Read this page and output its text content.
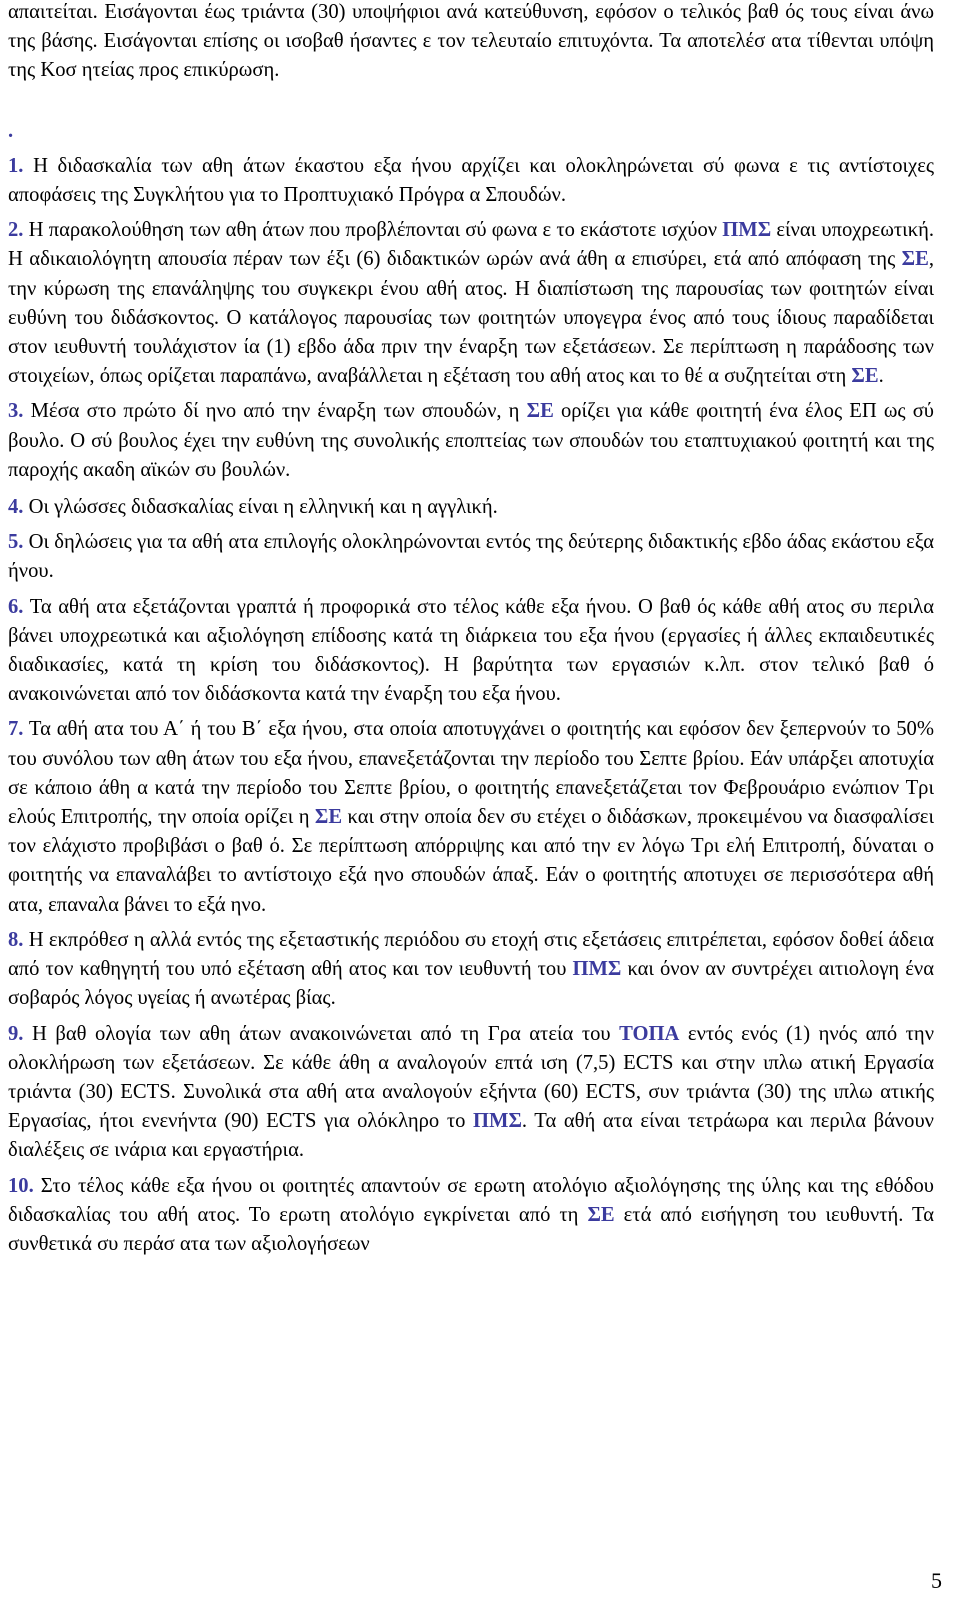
απαιτείται. Εισάγονται έως τριάντα (30) υποψήφιοι ανά κατεύθυνση, εφόσον ο τελικός βαθ ός τους είναι άνω της βάσης. Εισάγονται επίσης οι ισοβαθ ήσαντες ε τον τελευταίο επιτυχόντα. Τα αποτελέσ ατα τίθενται υπόψη της Κοσ ητείας προς επικύρωση.

.

1. Η διδασκαλία των αθη άτων έκαστου εξα ήνου αρχίζει και ολοκληρώνεται σύ φωνα ε τις αντίστοιχες αποφάσεις της Συγκλήτου για το Προπτυχιακό Πρόγρα α Σπουδών.

2. Η παρακολούθηση των αθη άτων που προβλέπονται σύ φωνα ε το εκάστοτε ισχύον ΠΜΣ είναι υποχρεωτική. Η αδικαιολόγητη απουσία πέραν των έξι (6) διδακτικών ωρών ανά άθη α επισύρει, ετά από απόφαση της ΣΕ, την κύρωση της επανάληψης του συγκεκρι ένου αθή ατος. Η διαπίστωση της παρουσίας των φοιτητών είναι ευθύνη του διδάσκοντος. Ο κατάλογος παρουσίας των φοιτητών υπογεγρα ένος από τους ίδιους παραδίδεται στον ιευθυντή τουλάχιστον ία (1) εβδο άδα πριν την έναρξη των εξετάσεων. Σε περίπτωση η παράδοσης των στοιχείων, όπως ορίζεται παραπάνω, αναβάλλεται η εξέταση του αθή ατος και το θέ α συζητείται στη ΣΕ.

3. Μέσα στο πρώτο δί ηνο από την έναρξη των σπουδών, η ΣΕ ορίζει για κάθε φοιτητή ένα έλος ΕΠ ως σύ βουλο. Ο σύ βουλος έχει την ευθύνη της συνολικής εποπτείας των σπουδών του εταπτυχιακού φοιτητή και της παροχής ακαδη αϊκών συ βουλών.

4. Οι γλώσσες διδασκαλίας είναι η ελληνική και η αγγλική.

5. Οι δηλώσεις για τα αθή ατα επιλογής ολοκληρώνονται εντός της δεύτερης διδακτικής εβδο άδας εκάστου εξα ήνου.

6. Τα αθή ατα εξετάζονται γραπτά ή προφορικά στο τέλος κάθε εξα ήνου. Ο βαθ ός κάθε αθή ατος συ περιλα βάνει υποχρεωτικά και αξιολόγηση επίδοσης κατά τη διάρκεια του εξα ήνου (εργασίες ή άλλες εκπαιδευτικές διαδικασίες, κατά τη κρίση του διδάσκοντος). Η βαρύτητα των εργασιών κ.λπ. στον τελικό βαθ ό ανακοινώνεται από τον διδάσκοντα κατά την έναρξη του εξα ήνου.

7. Τα αθή ατα του Α΄ ή του Β΄ εξα ήνου, στα οποία αποτυγχάνει ο φοιτητής και εφόσον δεν ξεπερνούν το 50% του συνόλου των αθη άτων του εξα ήνου, επανεξετάζονται την περίοδο του Σεπτε βρίου. Εάν υπάρξει αποτυχία σε κάποιο άθη α κατά την περίοδο του Σεπτε βρίου, ο φοιτητής επανεξετάζεται τον Φεβρουάριο ενώπιον Τρι ελούς Επιτροπής, την οποία ορίζει η ΣΕ και στην οποία δεν συ ετέχει ο διδάσκων, προκειμένου να διασφαλίσει τον ελάχιστο προβιβάσι ο βαθ ό. Σε περίπτωση απόρριψης και από την εν λόγω Τρι ελή Επιτροπή, δύναται ο φοιτητής να επαναλάβει το αντίστοιχο εξά ηνο σπουδών άπαξ. Εάν ο φοιτητής αποτυχει σε περισσότερα αθή ατα, επαναλα βάνει το εξά ηνο.

8. Η εκπρόθεσ η αλλά εντός της εξεταστικής περιόδου συ ετοχή στις εξετάσεις επιτρέπεται, εφόσον δοθεί άδεια από τον καθηγητή του υπό εξέταση αθή ατος και τον ιευθυντή του ΠΜΣ και όνον αν συντρέχει αιτιολογη ένα σοβαρός λόγος υγείας ή ανωτέρας βίας.

9. Η βαθ ολογία των αθη άτων ανακοινώνεται από τη Γρα ατεία του ΤΟΠΑ εντός ενός (1) ηνός από την ολοκλήρωση των εξετάσεων. Σε κάθε άθη α αναλογούν επτά ιση (7,5) ECTS και στην ιπλω ατική Εργασία τριάντα (30) ECTS. Συνολικά στα αθή ατα αναλογούν εξήντα (60) ECTS, συν τριάντα (30) της ιπλω ατικής Εργασίας, ήτοι ενενήντα (90) ECTS για ολόκληρο το ΠΜΣ. Τα αθή ατα είναι τετράωρα και περιλα βάνουν διαλέξεις σε ινάρια και εργαστήρια.

10. Στο τέλος κάθε εξα ήνου οι φοιτητές απαντούν σε ερωτη ατολόγιο αξιολόγησης της ύλης και της εθόδου διδασκαλίας του αθή ατος. Το ερωτη ατολόγιο εγκρίνεται από τη ΣΕ ετά από εισήγηση του ιευθυντή. Τα συνθετικά συ περάσ ατα των αξιολογήσεων

5
